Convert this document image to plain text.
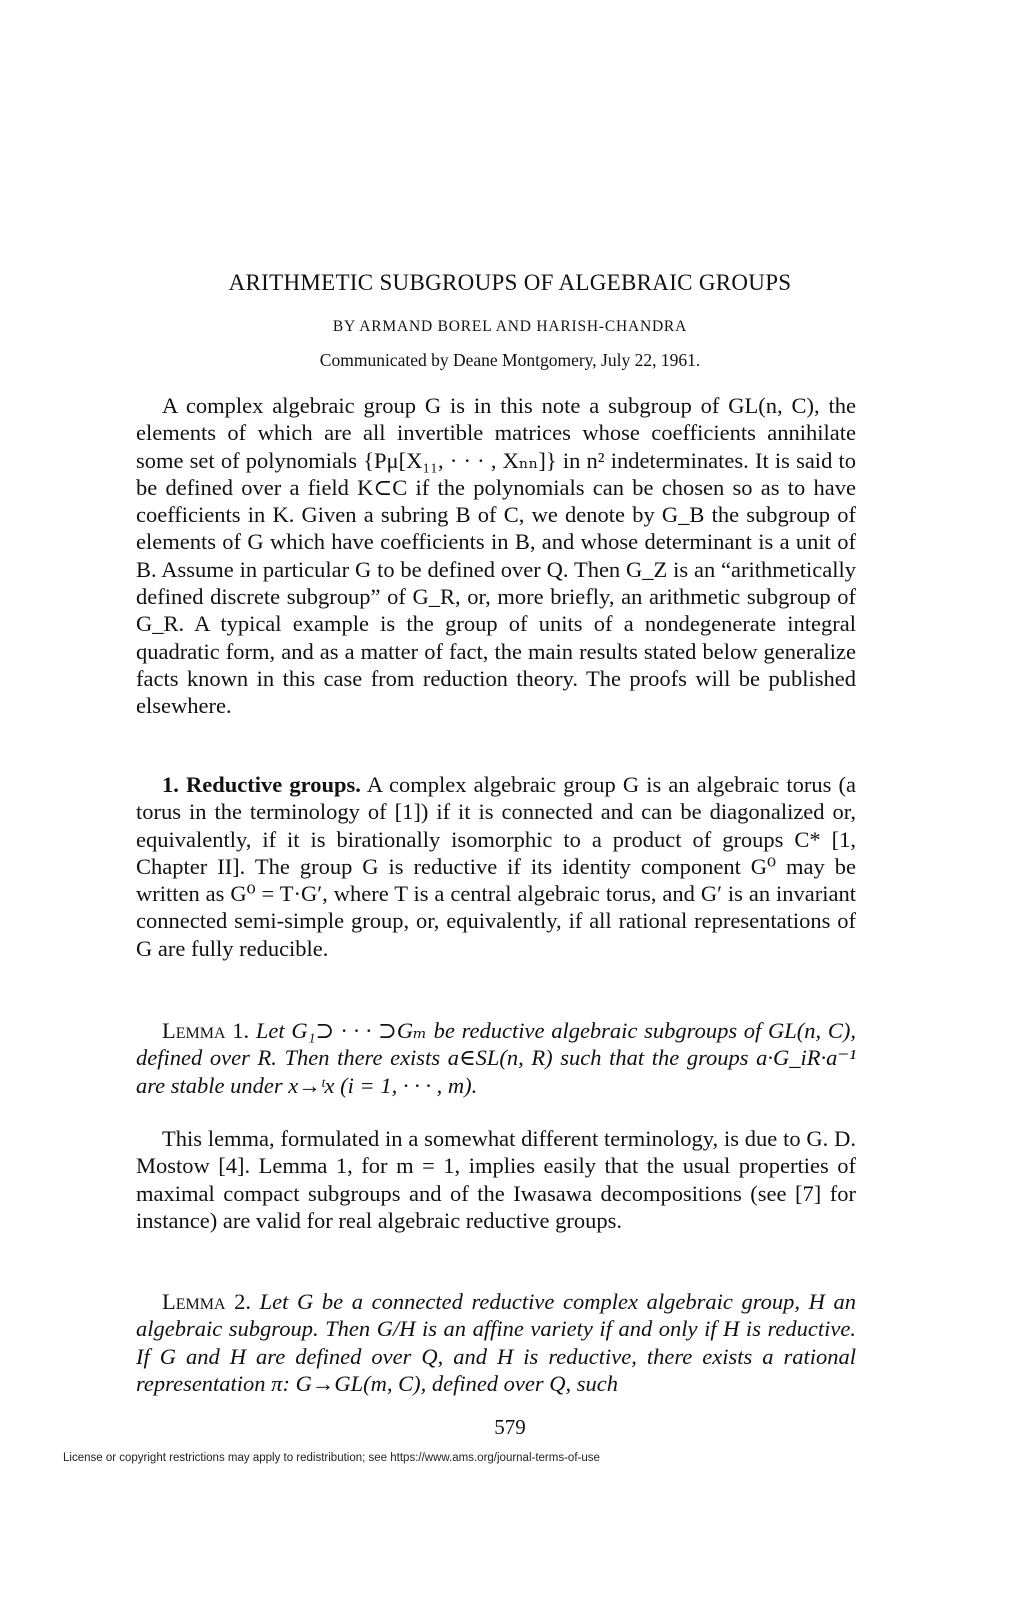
ARITHMETIC SUBGROUPS OF ALGEBRAIC GROUPS
BY ARMAND BOREL AND HARISH-CHANDRA
Communicated by Deane Montgomery, July 22, 1961.
A complex algebraic group G is in this note a subgroup of GL(n, C), the elements of which are all invertible matrices whose coefficients annihilate some set of polynomials {Pμ[X₁₁, · · · , Xₙₙ]} in n² indeterminates. It is said to be defined over a field K⊂C if the polynomials can be chosen so as to have coefficients in K. Given a subring B of C, we denote by G_B the subgroup of elements of G which have coefficients in B, and whose determinant is a unit of B. Assume in particular G to be defined over Q. Then G_Z is an “arithmetically defined discrete subgroup” of G_R, or, more briefly, an arithmetic subgroup of G_R. A typical example is the group of units of a nondegenerate integral quadratic form, and as a matter of fact, the main results stated below generalize facts known in this case from reduction theory. The proofs will be published elsewhere.
1. Reductive groups. A complex algebraic group G is an algebraic torus (a torus in the terminology of [1]) if it is connected and can be diagonalized or, equivalently, if it is birationally isomorphic to a product of groups C* [1, Chapter II]. The group G is reductive if its identity component G⁰ may be written as G⁰ = T·G′, where T is a central algebraic torus, and G′ is an invariant connected semi-simple group, or, equivalently, if all rational representations of G are fully reducible.
Lemma 1. Let G₁⊃ · · · ⊃Gₘ be reductive algebraic subgroups of GL(n, C), defined over R. Then there exists a∈SL(n, R) such that the groups a·G_iR·a⁻¹ are stable under x→ᵗx (i = 1, · · · , m).
This lemma, formulated in a somewhat different terminology, is due to G. D. Mostow [4]. Lemma 1, for m = 1, implies easily that the usual properties of maximal compact subgroups and of the Iwasawa decompositions (see [7] for instance) are valid for real algebraic reductive groups.
Lemma 2. Let G be a connected reductive complex algebraic group, H an algebraic subgroup. Then G/H is an affine variety if and only if H is reductive. If G and H are defined over Q, and H is reductive, there exists a rational representation π: G→GL(m, C), defined over Q, such
579
License or copyright restrictions may apply to redistribution; see https://www.ams.org/journal-terms-of-use
